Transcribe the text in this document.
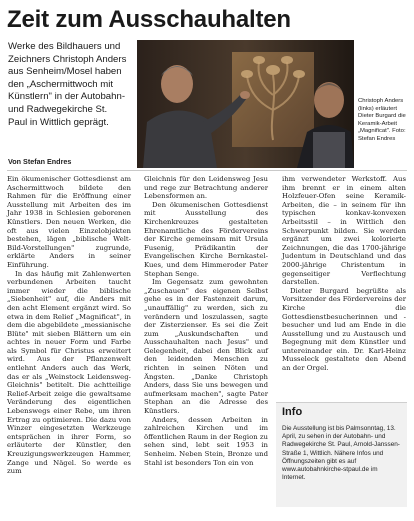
Zeit zum Ausschauhalten
Werke des Bildhauers und Zeichners Christoph Anders aus Senheim/Mosel haben den „Aschermittwoch mit Künstlern" in der Autobahn- und Radwegekirche St. Paul in Wittlich geprägt.
Von Stefan Endres
Christoph Anders (links) erläutert Dieter Burgard die Keramik-Arbeit „Magnificat". Foto: Stefan Endres

Ein ökumenischer Gottesdienst am Aschermittwoch bildete den Rahmen für die Eröffnung einer Ausstellung mit Arbeiten des im Jahr 1938 in Schlesien geborenen Künstlers. Den neuen Werken, die oft aus vielen Einzelobjekten bestehen, lägen „biblische Welt-Bild-Vorstellungen" zugrunde, erklärte Anders in seiner Einführung.

In das häufig mit Zahlenwerten verbundenen Arbeiten taucht immer wieder die biblische „Siebenheit" auf, die Anders mit den acht Element ergänzt wird. So etwa in dem Relief „Magnificat", in dem die abgebildete „messianische Blüte" mit sieben Blättern um ein achtes in neuer Form und Farbe als Symbol für Christus erweitert wird. Aus der Pflanzenwelt entlehnt Anders auch das Werk, das er als „Weinstock Leidensweg-Gleichnis" betitelt. Die achtteilige Relief-Arbeit zeige die gewaltsame Veränderung des eigentlichen Lebenswegs einer Rebe, um ihren Ertrag zu optimieren. Die dazu von Winzer eingesetzten Werkzeuge entsprächen in ihrer Form, so erläuterte der Künstler, den Kreuzigungswerkzeugen Hammer, Zange und Nägel. So werde es zum

Gleichnis für den Leidensweg Jesu und rege zur Betrachtung anderer Lebensformen an.

Den ökumenischen Gottesdienst mit Ausstellung des Kirchenkreuzes gestalteten Ehrenamtliche des Fördervereins der Kirche gemeinsam mit Ursula Fusenig, Prädikantin der Evangelischen Kirche Bernkastel-Kues, und dem Himmeroder Pater Stephan Senge.

Im Gegensatz zum gewohnten „Zuschauen" des eigenen Selbst gehe es in der Fastenzeit darum, „unauffällig" zu werden, sich zu verändern und loszulassen, sagte der Zisterzienser. Es sei die Zeit zum „Auskundschaften und Ausschauhalten nach Jesus" und Gelegenheit, dabei den Blick auf den leidenden Menschen zu richten in seinen Nöten und Ängsten. „Danke Christoph Anders, dass Sie uns bewegen und aufmerksam machen", sagte Pater Stephan an die Adresse des Künstlers.

Anders, dessen Arbeiten in zahlreichen Kirchen und im öffentlichen Raum in der Region zu sehen sind, lebt seit 1953 in Senheim. Neben Stein, Bronze und Stahl ist besonders Ton ein von

ihm verwendeter Werkstoff. Aus ihm brennt er in einem alten Holzfeuer-Ofen seine Keramik-Arbeiten, die – in seinem für ihn typischen konkav-konvexen Arbeitsstil – in Wittlich den Schwerpunkt bilden. Sie werden ergänzt um zwei kolorierte Zeichnungen, die das 1700-jährige Judentum in Deutschland und das 2000-jährige Christentum in gegenseitiger Verflechtung darstellen.

Dieter Burgard begrüßte als Vorsitzender des Fördervereins der Kirche die Gottesdienstbesucherinnen und -besucher und lud am Ende in die Ausstellung und zu Austausch und Begegnung mit dem Künstler und untereinander ein. Dr. Karl-Heinz Musseleck gestaltete den Abend an der Orgel.

Info
Die Ausstellung ist bis Palmsonntag, 13. April, zu sehen in der Autobahn- und Radwegekirche St. Paul, Arnold-Janssen-Straße 1, Wittlich. Nähere Infos und Öffnungszeiten gibt es auf www.autobahnkirche-stpaul.de im Internet.
